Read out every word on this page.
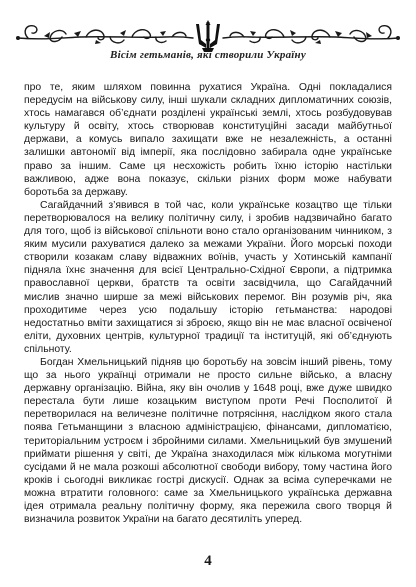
Вісім гетьманів, які створили Україну

про те, яким шляхом повинна рухатися Україна. Одні покладалися передусім на військову силу, інші шукали складних дипломатичних союзів, хтось намагався об’єднати розділені українські землі, хтось розбудовував культуру й освіту, хтось створював конституційні засади майбутньої держави, а комусь випало захищати вже не незалежність, а останні залишки автономії від імперії, яка послідовно забирала одне українське право за іншим. Саме ця несхожість робить їхню історію настільки важливою, адже вона показує, скільки різних форм може набувати боротьба за державу.

Сагайдачний з’явився в той час, коли українське козацтво ще тільки перетворювалося на велику політичну силу, і зробив надзвичайно багато для того, щоб із військової спільноти воно стало організованим чинником, з яким мусили рахуватися далеко за межами України. Його морські походи створили козакам славу відважних воїнів, участь у Хотинській кампанії підняла їхнє значення для всієї Центрально-Східної Європи, а підтримка православної церкви, братств та освіти засвідчила, що Сагайдачний мислив значно ширше за межі військових перемог. Він розумів річ, яка проходитиме через усю подальшу історію гетьманства: народові недостатньо вміти захищатися зі зброєю, якщо він не має власної освіченої еліти, духовних центрів, культурної традиції та інституцій, які об’єднують спільноту.

Богдан Хмельницький підняв цю боротьбу на зовсім інший рівень, тому що за нього українці отримали не просто сильне військо, а власну державну організацію. Війна, яку він очолив у 1648 році, вже дуже швидко перестала бути лише козацьким виступом проти Речі Посполитої й перетворилася на величезне політичне потрясіння, наслідком якого стала поява Гетьманщини з власною адміністрацією, фінансами, дипломатією, територіальним устроєм і збройними силами. Хмельницький був змушений приймати рішення у світі, де Україна знаходилася між кількома могутніми сусідами й не мала розкоші абсолютної свободи вибору, тому частина його кроків і сьогодні викликає гострі дискусії. Однак за всіма суперечками не можна втратити головного: саме за Хмельницького українська державна ідея отримала реальну політичну форму, яка пережила свого творця й визначила розвиток України на багато десятиліть уперед.

4
